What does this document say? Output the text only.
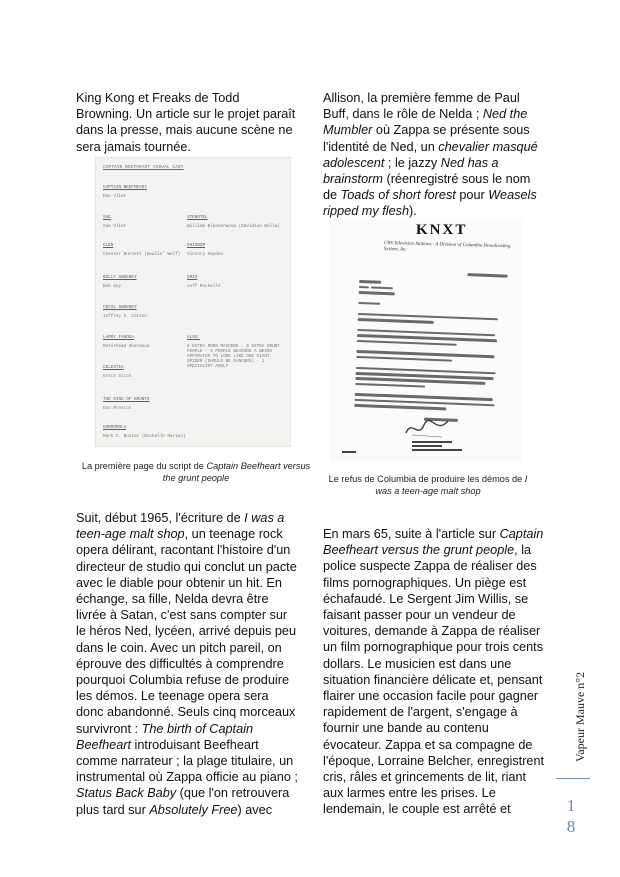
King Kong et Freaks de Todd Browning. Un article sur le projet paraît dans la presse, mais aucune scène ne sera jamais tournée.

Allison, la première femme de Paul Buff, dans le rôle de Nelda ; Ned the Mumbler où Zappa se présente sous l'identité de Ned, un chevalier masqué adolescent ; le jazzy Ned has a brainstorm (réenregistré sous le nom de Toads of short forest pour Weasels ripped my flesh).

CAPTAIN BEEFHEART VISUAL CAST
CAPTAIN BEEFHEART
Don Vliet
SUE
Sue Vliet
STENOTEL
William Blackerwood (Davidson Bolla)
GLEN
Chester Burnett (Howlin' Wolf)
OHIONSM
Victory Hayden
BILLY SWEENEY
Bob Guy
GRIS
Jeff Rochelle
CECIL SWEENEY
Jeffrey S. Cotton
LARRY FANOGA
Motorhead Sherwood
ALSO:
6 EXTRA MOON MAIDENS · 8 EXTRA GRUNT PEOPLE · 5 PEOPLE WEARING A WEIRD APPARATUS TO LOOK LIKE ONE GIANT SPIDER (SHOULD BE DANCERS) · 1 SPECIALIST ADULT
CELESTIA
Grace Slick
THE KING OF GRUNTS
Don Preston
GOROOMOLA
Mark C. Boston (Rochelle Marion)
La première page du script de Captain Beefheart versus the grunt people
KNXT
CBS Television Stations · A Division of Columbia Broadcasting System, Inc
Le refus de Columbia de produire les démos de I was a teen-age malt shop

Suit, début 1965, l'écriture de I was a teen-age malt shop, un teenage rock opera délirant, racontant l'histoire d'un directeur de studio qui conclut un pacte avec le diable pour obtenir un hit. En échange, sa fille, Nelda devra être livrée à Satan, c'est sans compter sur le héros Ned, lycéen, arrivé depuis peu dans le coin. Avec un pitch pareil, on éprouve des difficultés à comprendre pourquoi Columbia refuse de produire les démos. Le teenage opera sera donc abandonné. Seuls cinq morceaux survivront : The birth of Captain Beefheart introduisant Beefheart comme narrateur ; la plage titulaire, un instrumental où Zappa officie au piano ; Status Back Baby (que l'on retrouvera plus tard sur Absolutely Free) avec

En mars 65, suite à l'article sur Captain Beefheart versus the grunt people, la police suspecte Zappa de réaliser des films pornographiques. Un piège est échafaudé. Le Sergent Jim Willis, se faisant passer pour un vendeur de voitures, demande à Zappa de réaliser un film pornographique pour trois cents dollars. Le musicien est dans une situation financière délicate et, pensant flairer une occasion facile pour gagner rapidement de l'argent, s'engage à fournir une bande au contenu évocateur. Zappa et sa compagne de l'époque, Lorraine Belcher, enregistrent cris, râles et grincements de lit, riant aux larmes entre les prises. Le lendemain, le couple est arrêté et

Vapeur Mauve n°2
1
8
